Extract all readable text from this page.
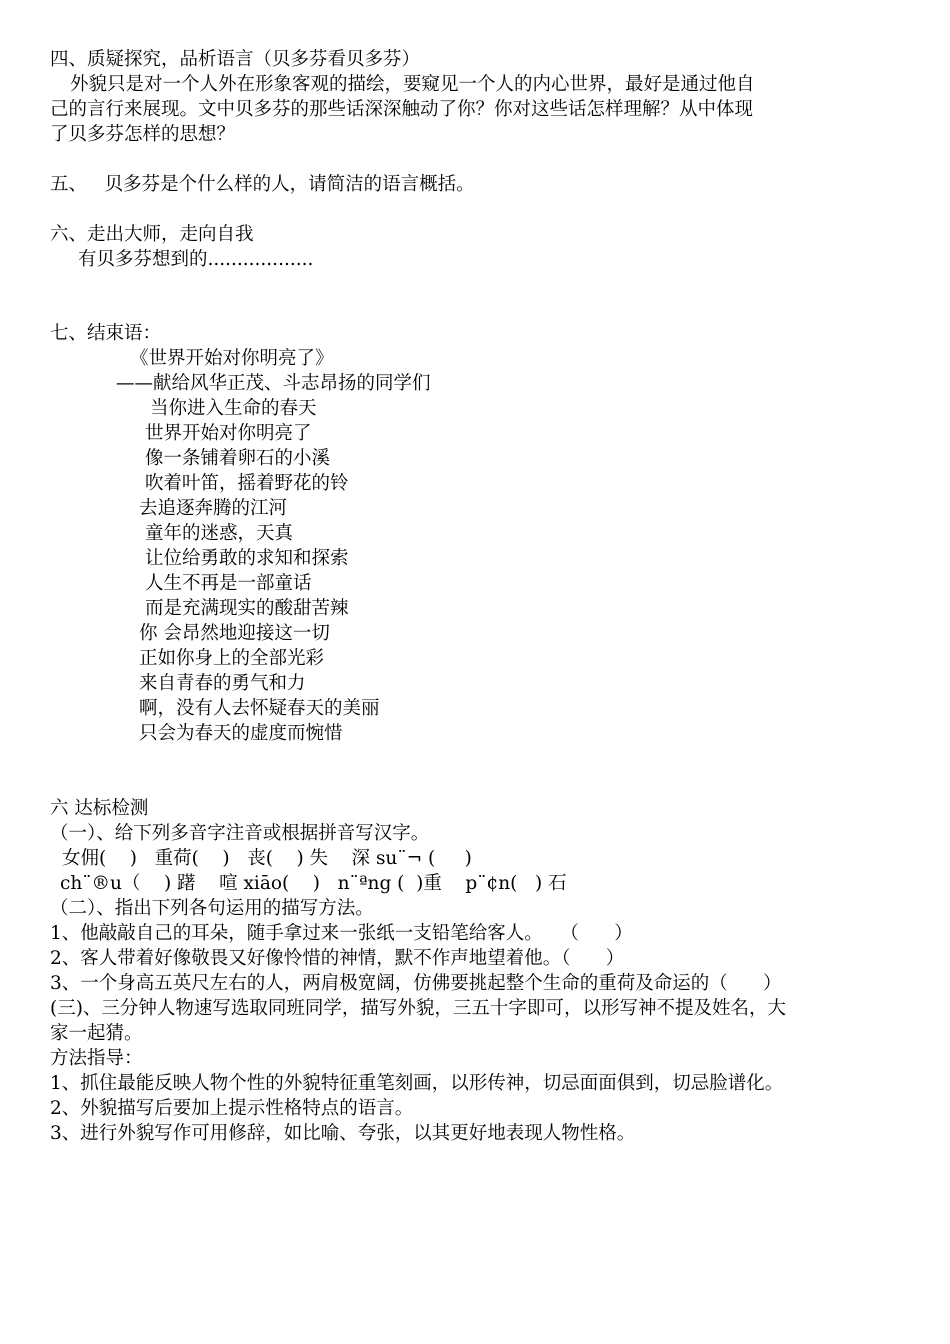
四、质疑探究，品析语言（贝多芬看贝多芬）
外貌只是对一个人外在形象客观的描绘，要窥见一个人的内心世界，最好是通过他自
己的言行来展现。文中贝多芬的那些话深深触动了你？你对这些话怎样理解？从中体现
了贝多芬怎样的思想？
五、   贝多芬是个什么样的人，请简洁的语言概括。
六、走出大师，走向自我
有贝多芬想到的..................
七、结束语：
《世界开始对你明亮了》
——献给风华正茂、斗志昂扬的同学们
当你进入生命的春天
世界开始对你明亮了
像一条铺着卵石的小溪
吹着叶笛，摇着野花的铃
去追逐奔腾的江河
童年的迷惑，天真
让位给勇敢的求知和探索
人生不再是一部童话
而是充满现实的酸甜苦辣
你 会昂然地迎接这一切
正如你身上的全部光彩
来自青春的勇气和力
啊，没有人去怀疑春天的美丽
只会为春天的虚度而惋惜
六 达标检测
（一）、给下列多音字注音或根据拼音写汉字。
女佣(    )   重荷(    )   丧(    ) 失    深 su¨¬ (     )
ch¨®u（    ) 躇    喧 xiāo(    )   n¨ªng (  )重    p¨¢n(   ) 石
（二）、指出下列各句运用的描写方法。
1、他敲敲自己的耳朵，随手拿过来一张纸一支铅笔给客人。   （      ）
2、客人带着好像敬畏又好像怜惜的神情，默不作声地望着他。（      ）
3、一个身高五英尺左右的人，两肩极宽阔，仿佛要挑起整个生命的重荷及命运的（      ）
(三)、三分钟人物速写选取同班同学，描写外貌，三五十字即可，以形写神不提及姓名，大
家一起猜。
方法指导：
1、抓住最能反映人物个性的外貌特征重笔刻画，以形传神，切忌面面俱到，切忌脸谱化。
2、外貌描写后要加上提示性格特点的语言。
3、进行外貌写作可用修辞，如比喻、夸张，以其更好地表现人物性格。
